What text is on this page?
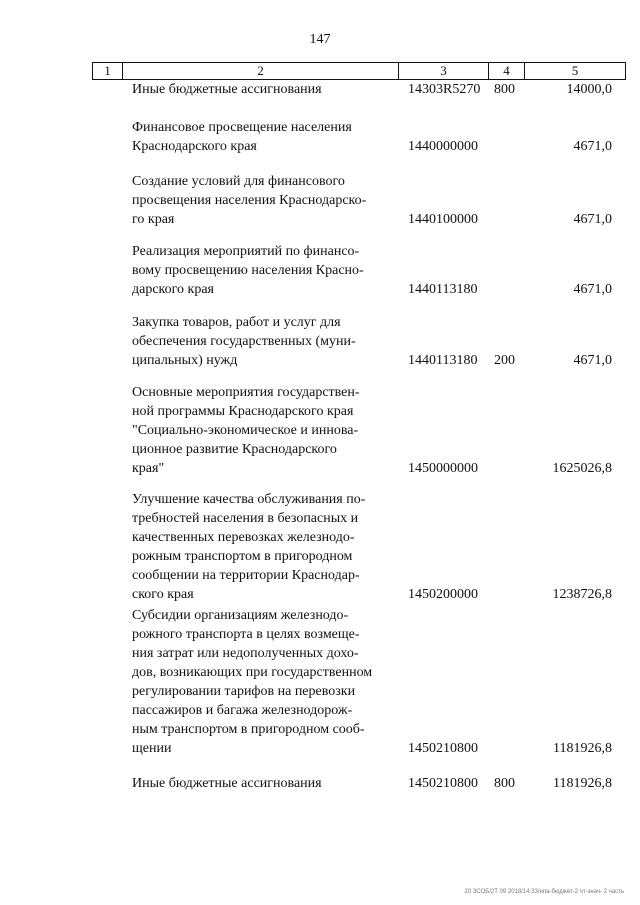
147
1	2	3	4	5
Иные бюджетные ассигнования	14303R5270 800	14000,0
Финансовое просвещение населения
Краснодарского края	1440000000	4671,0
Создание условий для финансового
просвещения населения Краснодарско-
го края	1440100000	4671,0
Реализация мероприятий по финансо-
вому просвещению населения Красно-
дарского края	1440113180	4671,0
Закупка товаров, работ и услуг для
обеспечения государственных (муни-
ципальных) нужд	1440113180 200	4671,0
Основные мероприятия государствен-
ной программы Краснодарского края
"Социально-экономическое и иннова-
ционное развитие Краснодарского
края"	1450000000	1625026,8
Улучшение качества обслуживания по-
требностей населения в безопасных и
качественных перевозках железнодо-
рожным транспортом в пригородном
сообщении на территории Краснодар-
ского края	1450200000	1238726,8
Субсидии организациям железнодо-
рожного транспорта в целях возмеще-
ния затрат или недополученных дохо-
дов, возникающих при государственном
регулировании тарифов на перевозки
пассажиров и багажа железнодорож-
ным транспортом в пригородном сооб-
щении	1450210800	1181926,8
Иные бюджетные ассигнования	1450210800 800	1181926,8
20 ЗСОБ/2Т 09 2018/14:33/нпа-бюджет-2 чт-знач- 2 часть
